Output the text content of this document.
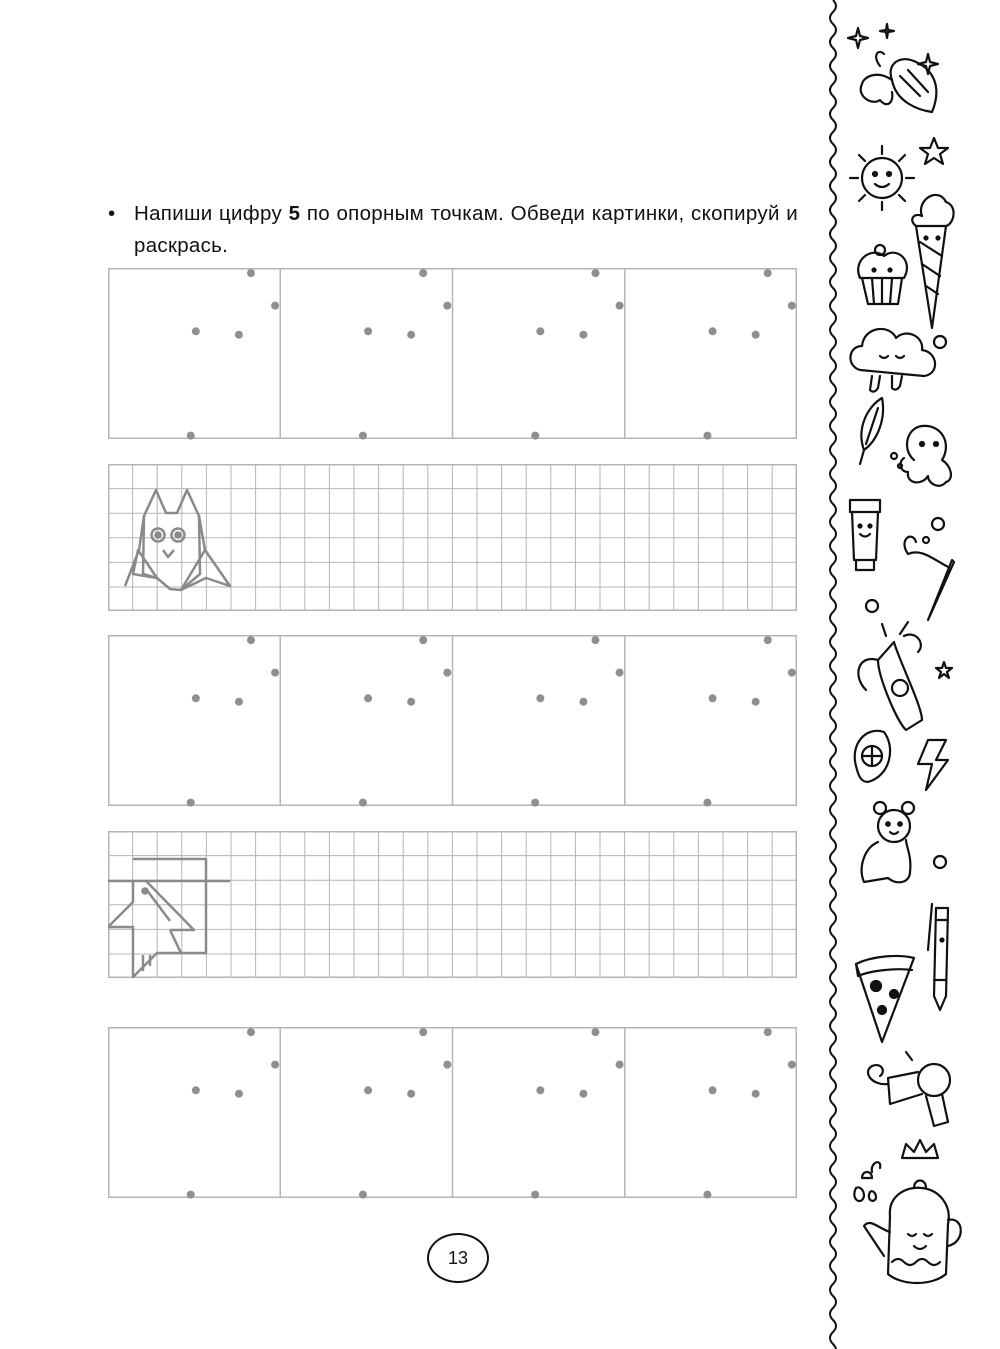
• Напиши цифру 5 по опорным точкам. Обведи картинки, скопируй и раскрась.
13
